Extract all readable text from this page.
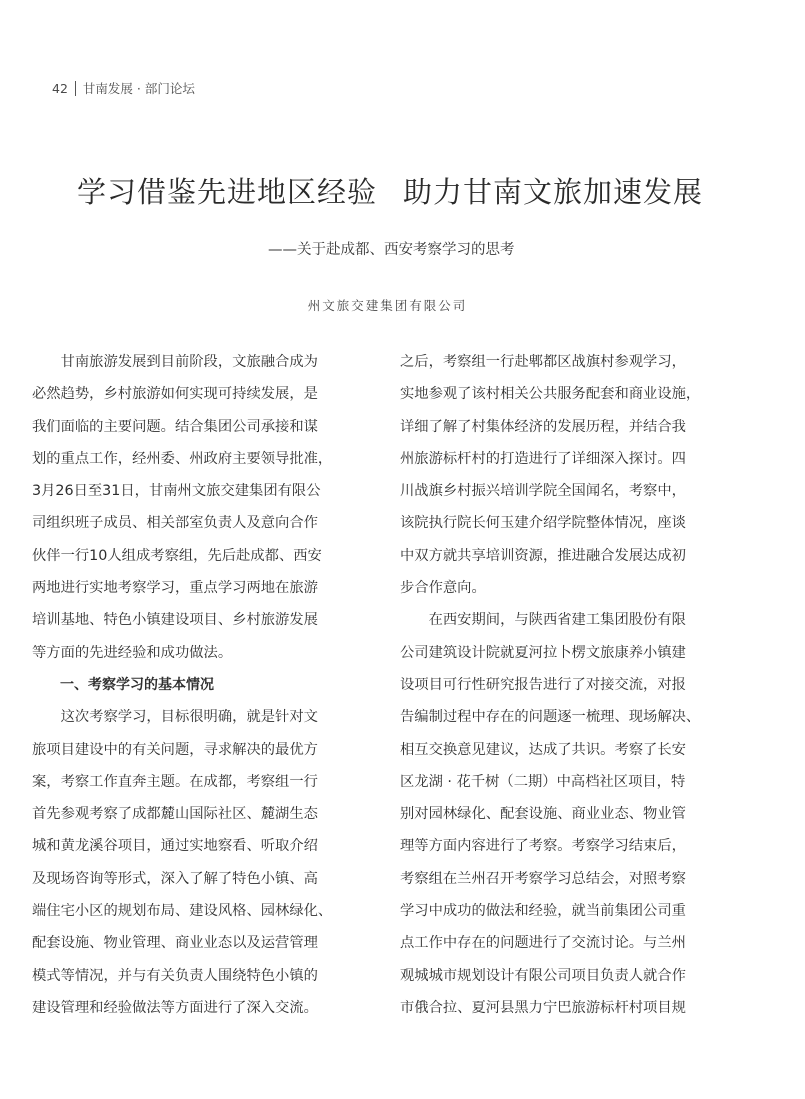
42 甘南发展 · 部门论坛
学习借鉴先进地区经验 助力甘南文旅加速发展
——关于赴成都、西安考察学习的思考
州文旅交建集团有限公司
　　甘南旅游发展到目前阶段，文旅融合成为
必然趋势，乡村旅游如何实现可持续发展，是
我们面临的主要问题。结合集团公司承接和谋
划的重点工作，经州委、州政府主要领导批准，
3月26日至31日，甘南州文旅交建集团有限公
司组织班子成员、相关部室负责人及意向合作
伙伴一行10人组成考察组，先后赴成都、西安
两地进行实地考察学习，重点学习两地在旅游
培训基地、特色小镇建设项目、乡村旅游发展
等方面的先进经验和成功做法。
　　一、考察学习的基本情况
　　这次考察学习，目标很明确，就是针对文
旅项目建设中的有关问题，寻求解决的最优方
案，考察工作直奔主题。在成都，考察组一行
首先参观考察了成都麓山国际社区、麓湖生态
城和黄龙溪谷项目，通过实地察看、听取介绍
及现场咨询等形式，深入了解了特色小镇、高
端住宅小区的规划布局、建设风格、园林绿化、
配套设施、物业管理、商业业态以及运营管理
模式等情况，并与有关负责人围绕特色小镇的
建设管理和经验做法等方面进行了深入交流。
之后，考察组一行赴郫都区战旗村参观学习，
实地参观了该村相关公共服务配套和商业设施，
详细了解了村集体经济的发展历程，并结合我
州旅游标杆村的打造进行了详细深入探讨。四
川战旗乡村振兴培训学院全国闻名，考察中，
该院执行院长何玉建介绍学院整体情况，座谈
中双方就共享培训资源，推进融合发展达成初
步合作意向。
　　在西安期间，与陕西省建工集团股份有限
公司建筑设计院就夏河拉卜楞文旅康养小镇建
设项目可行性研究报告进行了对接交流，对报
告编制过程中存在的问题逐一梳理、现场解决、
相互交换意见建议，达成了共识。考察了长安
区龙湖 · 花千树（二期）中高档社区项目，特
别对园林绿化、配套设施、商业业态、物业管
理等方面内容进行了考察。考察学习结束后，
考察组在兰州召开考察学习总结会，对照考察
学习中成功的做法和经验，就当前集团公司重
点工作中存在的问题进行了交流讨论。与兰州
观城城市规划设计有限公司项目负责人就合作
市俄合拉、夏河县黑力宁巴旅游标杆村项目规
